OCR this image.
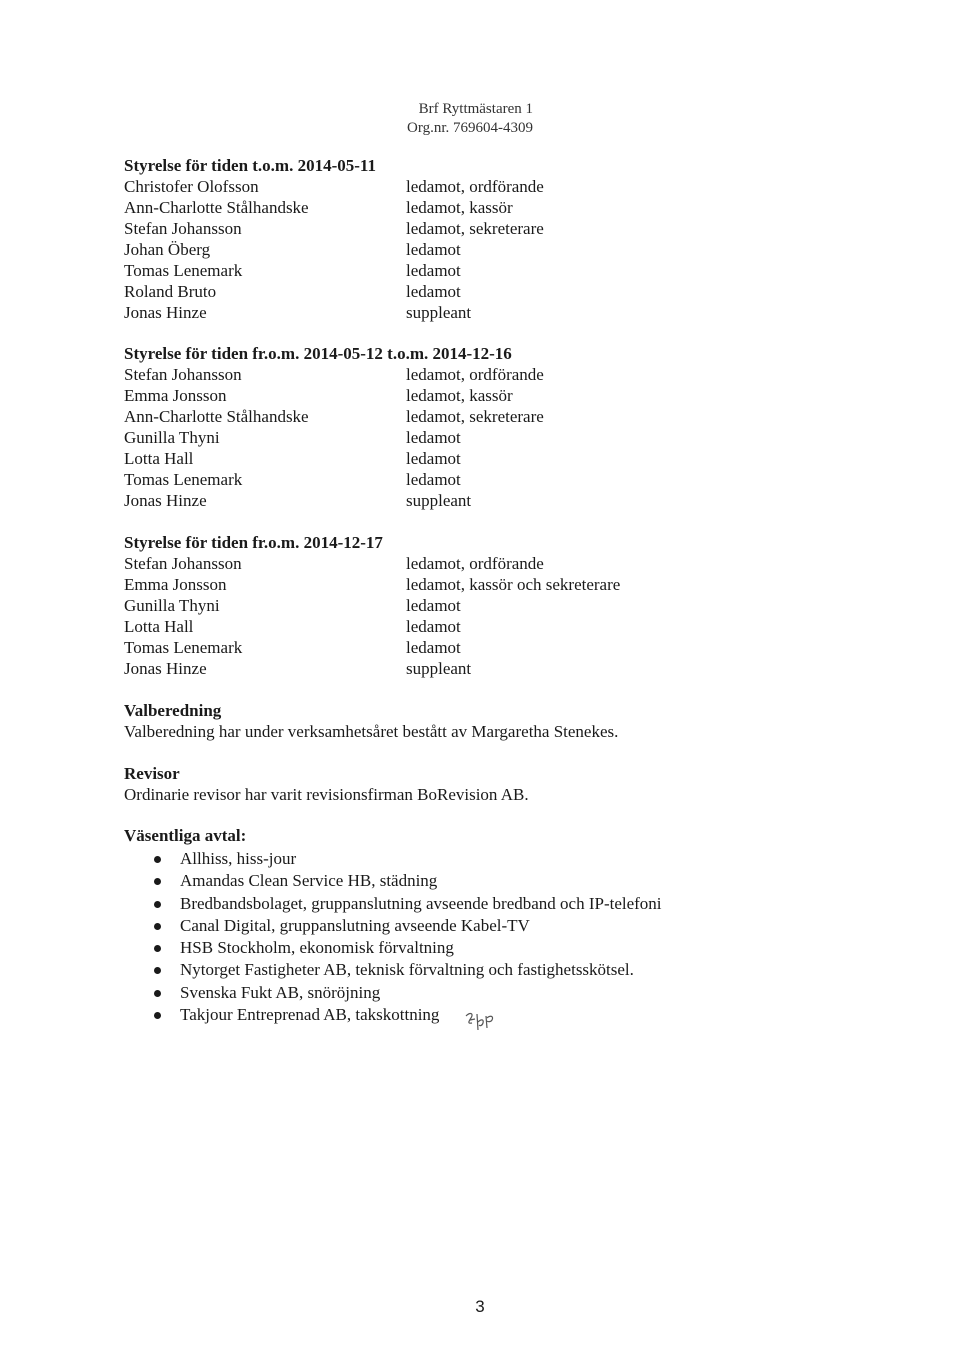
Brf Ryttmästaren 1
Org.nr. 769604-4309

Styrelse för tiden t.o.m. 2014-05-11

Christofer Olofsson	ledamot, ordförande
Ann-Charlotte Stålhandske	ledamot, kassör
Stefan Johansson	ledamot, sekreterare
Johan Öberg	ledamot
Tomas Lenemark	ledamot
Roland Bruto	ledamot
Jonas Hinze	suppleant

Styrelse för tiden fr.o.m. 2014-05-12 t.o.m. 2014-12-16

Stefan Johansson	ledamot, ordförande
Emma Jonsson	ledamot, kassör
Ann-Charlotte Stålhandske	ledamot, sekreterare
Gunilla Thyni	ledamot
Lotta Hall	ledamot
Tomas Lenemark	ledamot
Jonas Hinze	suppleant

Styrelse för tiden fr.o.m. 2014-12-17

Stefan Johansson	ledamot, ordförande
Emma Jonsson	ledamot, kassör och sekreterare
Gunilla Thyni	ledamot
Lotta Hall	ledamot
Tomas Lenemark	ledamot
Jonas Hinze	suppleant

Valberedning

Valberedning har under verksamhetsåret bestått av Margaretha Stenekes.

Revisor

Ordinarie revisor har varit revisionsfirman BoRevision AB.

Väsentliga avtal:

Allhiss, hiss-jour
Amandas Clean Service HB, städning
Bredbandsbolaget, gruppanslutning avseende bredband och IP-telefoni
Canal Digital, gruppanslutning avseende Kabel-TV
HSB Stockholm, ekonomisk förvaltning
Nytorget Fastigheter AB, teknisk förvaltning och fastighetsskötsel.
Svenska Fukt AB, snöröjning
Takjour Entreprenad AB, takskottning
3
